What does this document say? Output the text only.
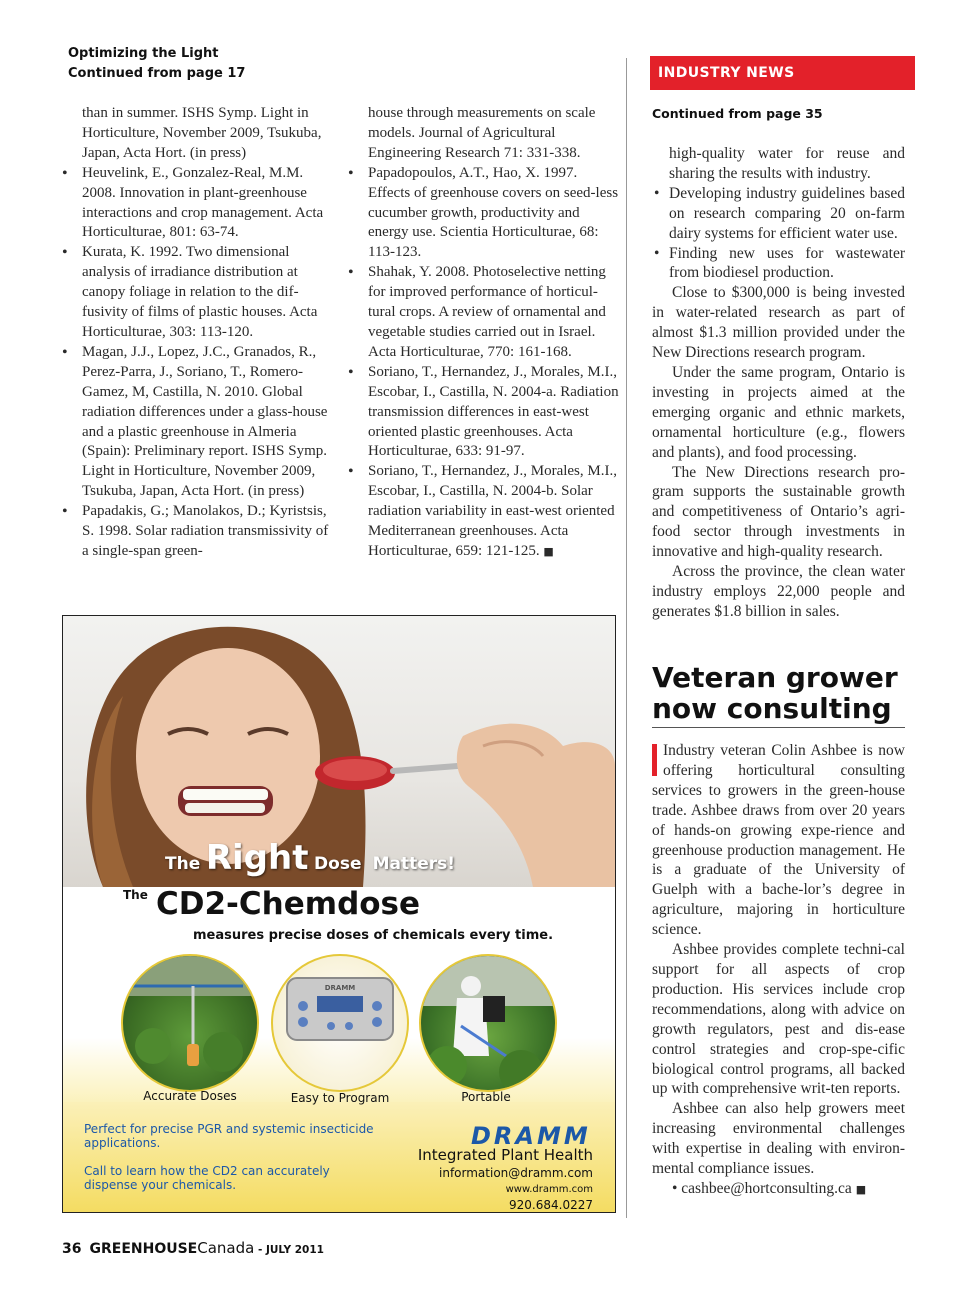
Optimizing the Light
Continued from page 17

than in summer. ISHS Symp. Light in Horticulture, November 2009, Tsukuba, Japan, Acta Hort. (in press)

• Heuvelink, E., Gonzalez-Real, M.M. 2008. Innovation in plant-greenhouse interactions and crop management. Acta Horticulturae, 801: 63-74.

• Kurata, K. 1992. Two dimensional analysis of irradiance distribution at canopy foliage in relation to the dif-fusivity of films of plastic houses. Acta Horticulturae, 303: 113-120.

• Magan, J.J., Lopez, J.C., Granados, R., Perez-Parra, J., Soriano, T., Romero-Gamez, M, Castilla, N. 2010. Global radiation differences under a glass-house and a plastic greenhouse in Almeria (Spain): Preliminary report. ISHS Symp. Light in Horticulture, November 2009, Tsukuba, Japan, Acta Hort. (in press)

• Papadakis, G.; Manolakos, D.; Kyristsis, S. 1998. Solar radiation transmissivity of a single-span green-

house through measurements on scale models. Journal of Agricultural Engineering Research 71: 331-338.

• Papadopoulos, A.T., Hao, X. 1997. Effects of greenhouse covers on seed-less cucumber growth, productivity and energy use. Scientia Horticulturae, 68: 113-123.

• Shahak, Y. 2008. Photoselective netting for improved performance of horticul-tural crops. A review of ornamental and vegetable studies carried out in Israel. Acta Horticulturae, 770: 161-168.

• Soriano, T., Hernandez, J., Morales, M.I., Escobar, I., Castilla, N. 2004-a. Radiation transmission differences in east-west oriented plastic greenhouses. Acta Horticulturae, 633: 91-97.

• Soriano, T., Hernandez, J., Morales, M.I., Escobar, I., Castilla, N. 2004-b. Solar radiation variability in east-west oriented Mediterranean greenhouses. Acta Horticulturae, 659: 121-125. ■

INDUSTRY NEWS
Continued from page 35

high-quality water for reuse and sharing the results with industry.

• Developing industry guidelines based on research comparing 20 on-farm dairy systems for efficient water use.

• Finding new uses for wastewater from biodiesel production.

Close to $300,000 is being invested in water-related research as part of almost $1.3 million provided under the New Directions research program.

Under the same program, Ontario is investing in projects aimed at the emerging organic and ethnic markets, ornamental horticulture (e.g., flowers and plants), and food processing.

The New Directions research pro-gram supports the sustainable growth and competitiveness of Ontario’s agri-food sector through investments in innovative and high-quality research.

Across the province, the clean water industry employs 22,000 people and generates $1.8 billion in sales.

Veteran grower now consulting

Industry veteran Colin Ashbee is now offering horticultural consulting services to growers in the green-house trade. Ashbee draws from over 20 years of hands-on growing expe-rience and greenhouse production management. He is a graduate of the University of Guelph with a bache-lor’s degree in agriculture, majoring in horticulture science.

Ashbee provides complete techni-cal support for all aspects of crop production. His services include crop recommendations, along with advice on growth regulators, pest and dis-ease control strategies and crop-spe-cific biological control programs, all backed up with comprehensive writ-ten reports.

Ashbee can also help growers meet increasing environmental challenges with expertise in dealing with environ-mental compliance issues.

• cashbee@hortconsulting.ca ■

The Right Dose Matters!
The CD2-Chemdose
measures precise doses of chemicals every time.
DRAMM
Accurate Doses	Easy to Program	Portable
Perfect for precise PGR and systemic insecticide applications.
Call to learn how the CD2 can accurately dispense your chemicals.
DRAMM
Integrated Plant Health
information@dramm.com
www.dramm.com
920.684.0227
36 GREENHOUSECanada - JULY 2011
